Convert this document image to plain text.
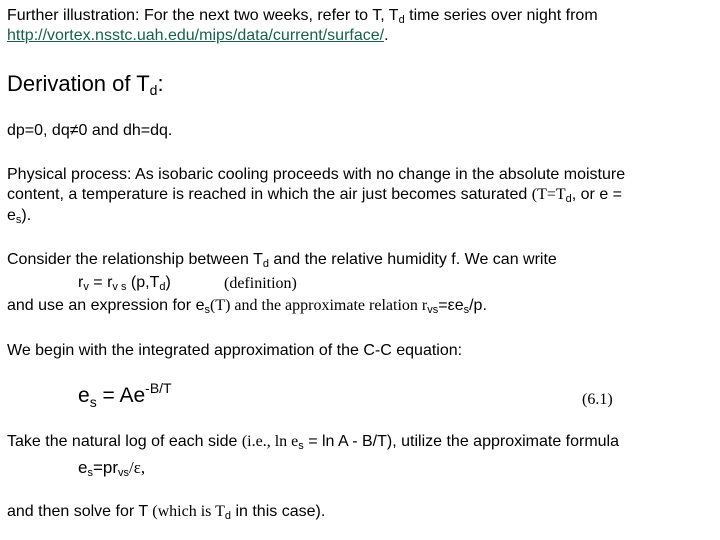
Further illustration: For the next two weeks, refer to T, $T_d$ time series over night from
http://vortex.nsstc.uah.edu/mips/data/current/surface/.
Derivation of $T_d$:
dp=0, dq≠0 and dh=dq.
Physical process: As isobaric cooling proceeds with no change in the absolute moisture
content, a temperature is reached in which the air just becomes saturated ($T=T_d$, or e =
$e_s$).
Consider the relationship between $T_d$ and the relative humidity f. We can write
$r_v = r_{v s}$ $(p,T_d)$	(definition)
and use an expression for $e_s(T)$ and the approximate relation $r_{vs}=\varepsilon e_s/p$.
We begin with the integrated approximation of the C-C equation:
$e_s = Ae^{-B/T}$
(6.1)
Take the natural log of each side (i.e., $\ln e_s = \ln A - B/T$), utilize the approximate formula
$e_s=pr_{vs}/\varepsilon$,
and then solve for T (which is $T_d$ in this case).
